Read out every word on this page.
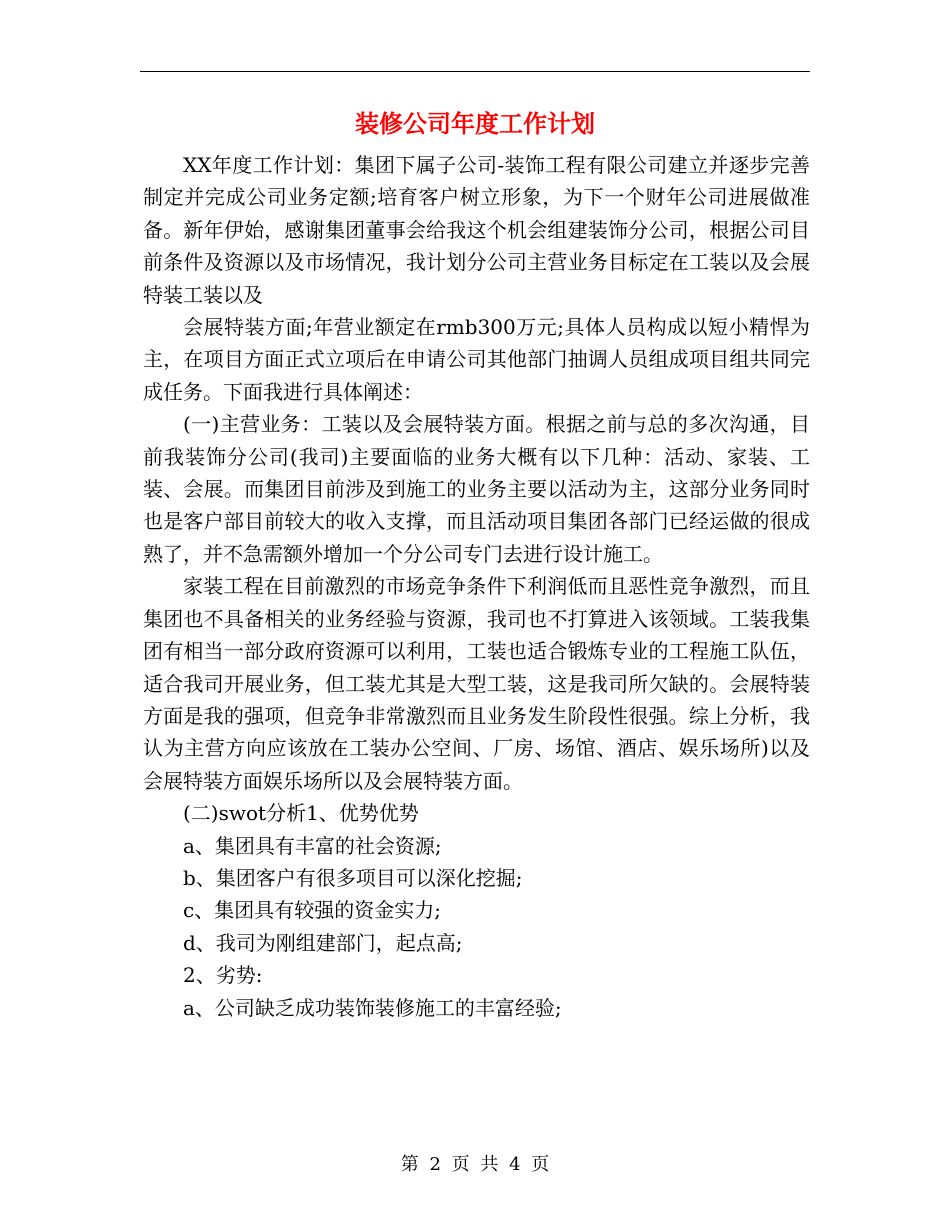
装修公司年度工作计划

XX年度工作计划：集团下属子公司-装饰工程有限公司建立并逐步完善制定并完成公司业务定额;培育客户树立形象，为下一个财年公司进展做准备。新年伊始，感谢集团董事会给我这个机会组建装饰分公司，根据公司目前条件及资源以及市场情况，我计划分公司主营业务目标定在工装以及会展特装工装以及

会展特装方面;年营业额定在rmb300万元;具体人员构成以短小精悍为主，在项目方面正式立项后在申请公司其他部门抽调人员组成项目组共同完成任务。下面我进行具体阐述：

(一)主营业务：工装以及会展特装方面。根据之前与总的多次沟通，目前我装饰分公司(我司)主要面临的业务大概有以下几种：活动、家装、工装、会展。而集团目前涉及到施工的业务主要以活动为主，这部分业务同时也是客户部目前较大的收入支撑，而且活动项目集团各部门已经运做的很成熟了，并不急需额外增加一个分公司专门去进行设计施工。

家装工程在目前激烈的市场竞争条件下利润低而且恶性竞争激烈，而且集团也不具备相关的业务经验与资源，我司也不打算进入该领域。工装我集团有相当一部分政府资源可以利用，工装也适合锻炼专业的工程施工队伍，适合我司开展业务，但工装尤其是大型工装，这是我司所欠缺的。会展特装方面是我的强项，但竞争非常激烈而且业务发生阶段性很强。综上分析，我认为主营方向应该放在工装办公空间、厂房、场馆、酒店、娱乐场所)以及会展特装方面娱乐场所以及会展特装方面。

(二)swot分析1、优势优势

a、集团具有丰富的社会资源;

b、集团客户有很多项目可以深化挖掘;

c、集团具有较强的资金实力;

d、我司为刚组建部门，起点高;

2、劣势:

a、公司缺乏成功装饰装修施工的丰富经验;

第 2 页 共 4 页
